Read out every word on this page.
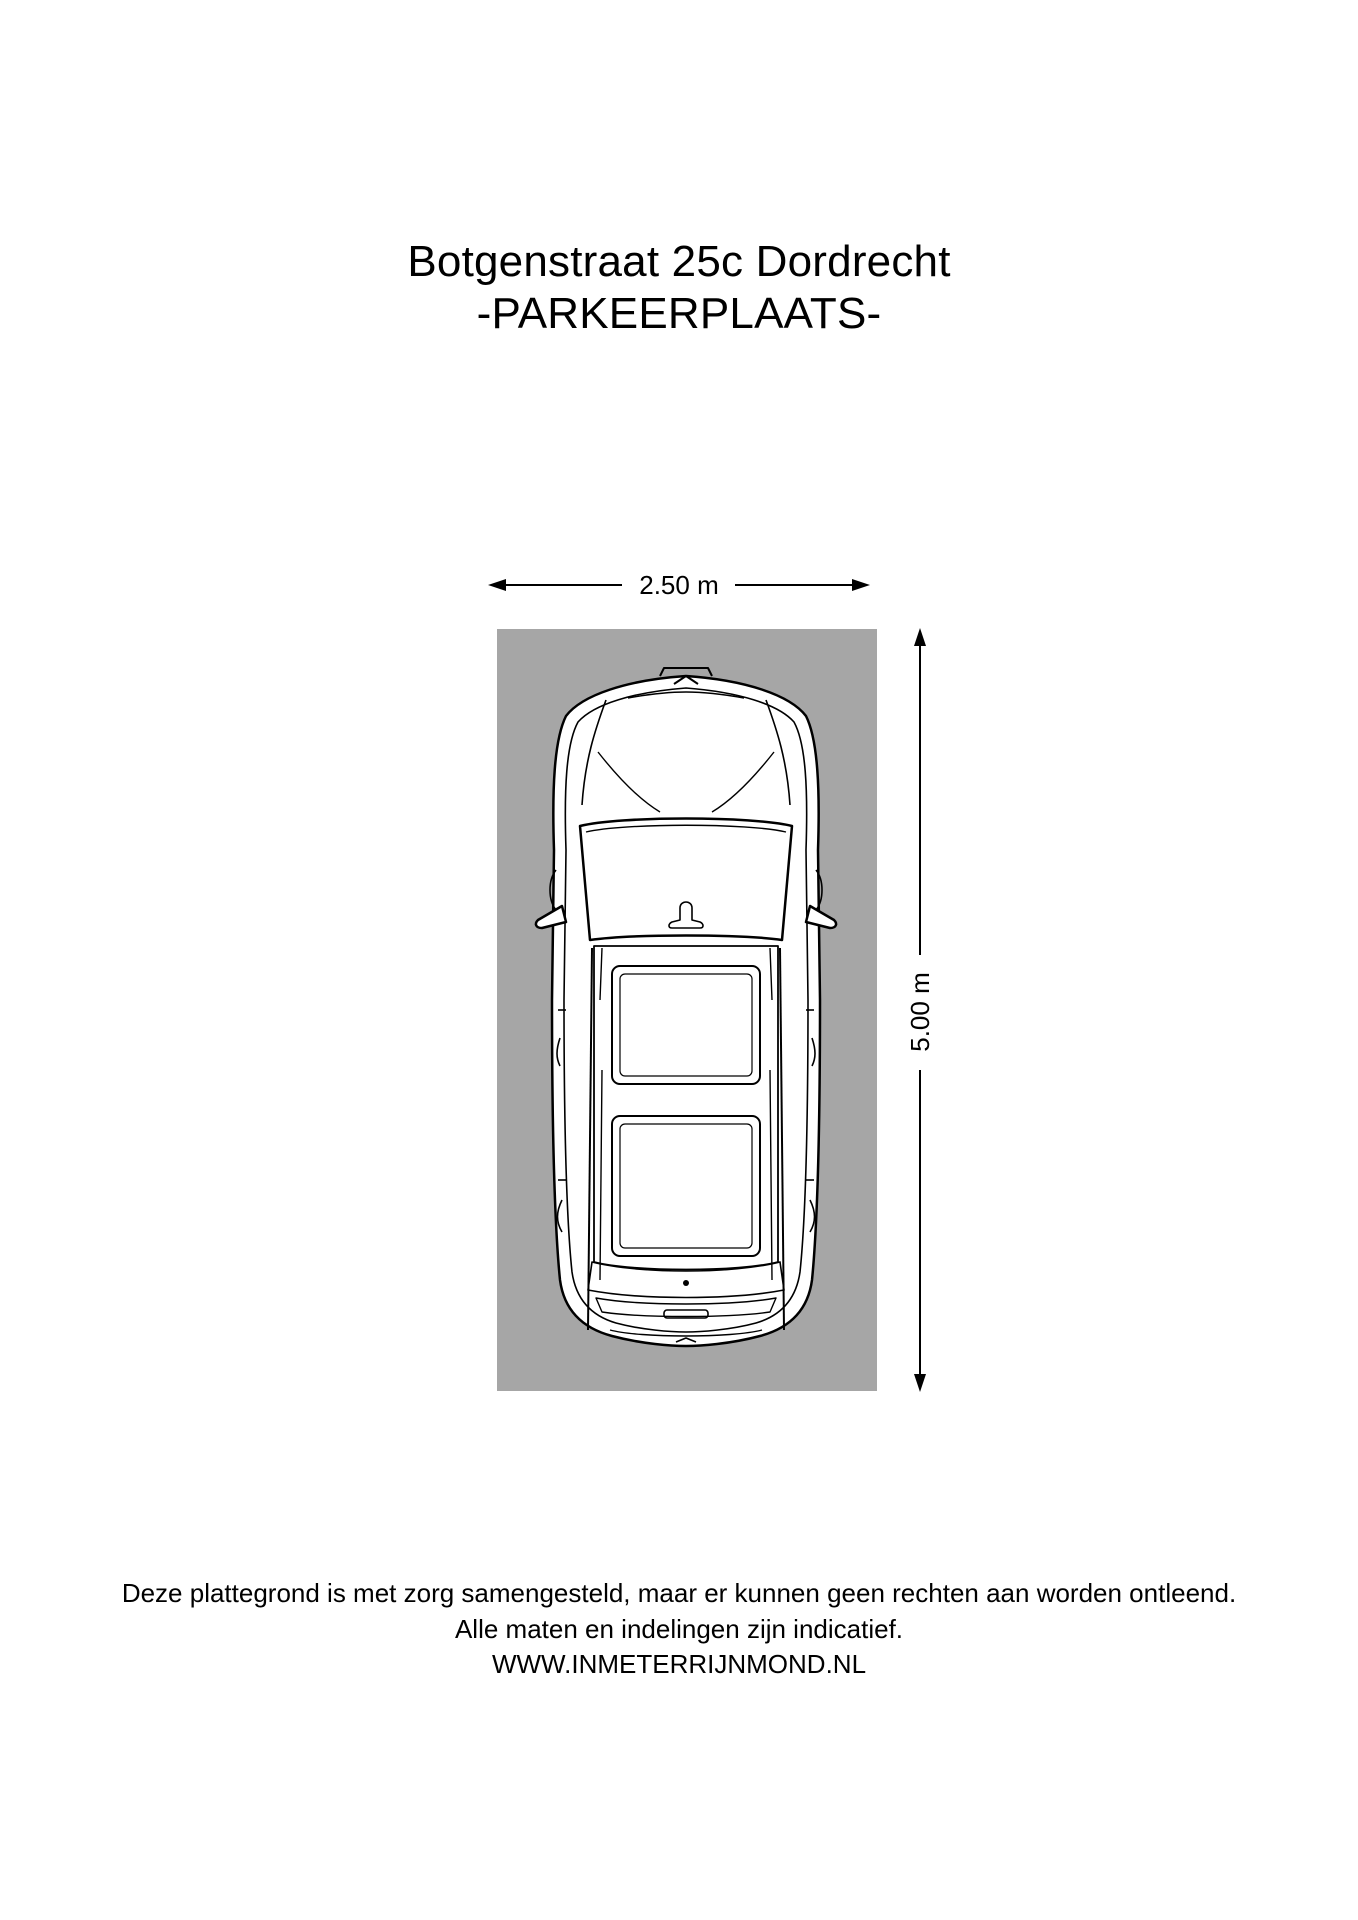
Botgenstraat 25c Dordrecht
-PARKEERPLAATS-
2.50 m
5.00 m
Deze plattegrond is met zorg samengesteld, maar er kunnen geen rechten aan worden ontleend.
Alle maten en indelingen zijn indicatief.
WWW.INMETERRIJNMOND.NL
